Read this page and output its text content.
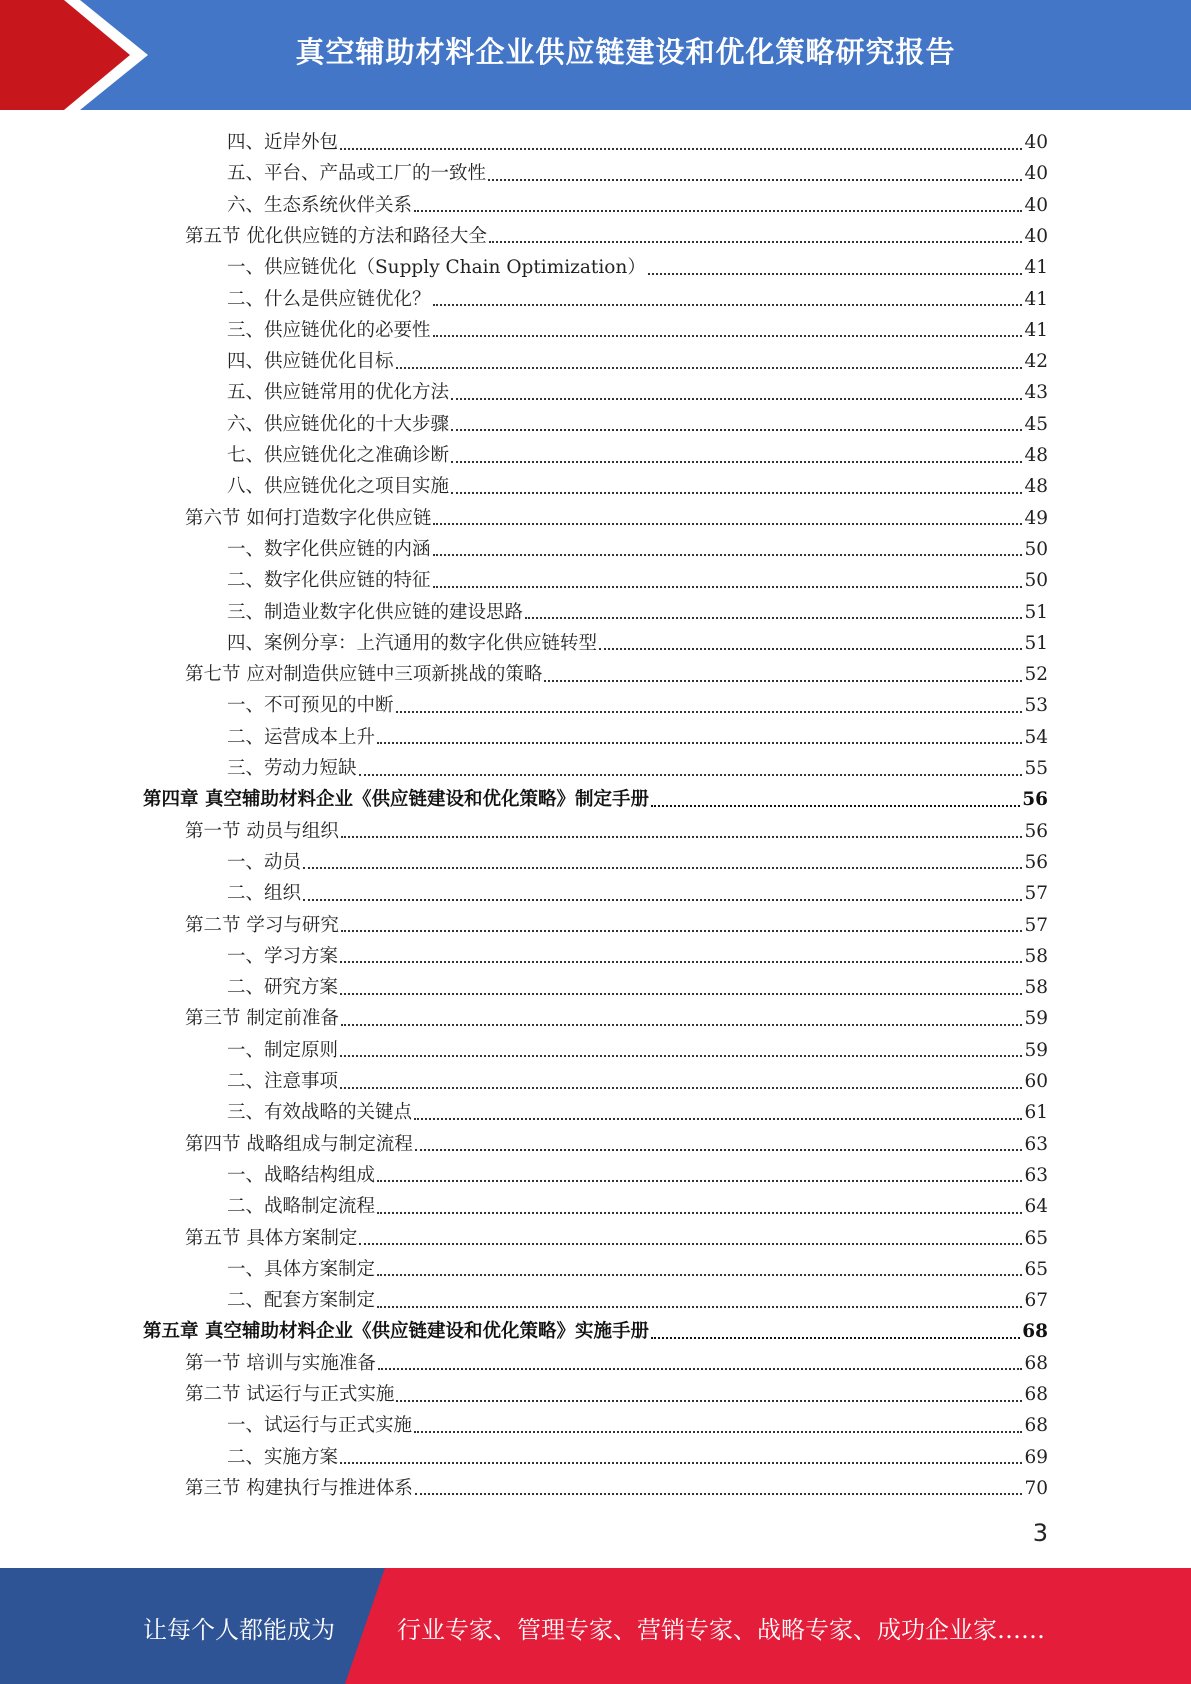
真空辅助材料企业供应链建设和优化策略研究报告
四、近岸外包	40
五、平台、产品或工厂的一致性	40
六、生态系统伙伴关系	40
第五节 优化供应链的方法和路径大全	40
一、供应链优化（Supply Chain Optimization）	41
二、什么是供应链优化？	41
三、供应链优化的必要性	41
四、供应链优化目标	42
五、供应链常用的优化方法	43
六、供应链优化的十大步骤	45
七、供应链优化之准确诊断	48
八、供应链优化之项目实施	48
第六节 如何打造数字化供应链	49
一、数字化供应链的内涵	50
二、数字化供应链的特征	50
三、制造业数字化供应链的建设思路	51
四、案例分享：上汽通用的数字化供应链转型	51
第七节 应对制造供应链中三项新挑战的策略	52
一、不可预见的中断	53
二、运营成本上升	54
三、劳动力短缺	55
第四章 真空辅助材料企业《供应链建设和优化策略》制定手册	56
第一节 动员与组织	56
一、动员	56
二、组织	57
第二节 学习与研究	57
一、学习方案	58
二、研究方案	58
第三节 制定前准备	59
一、制定原则	59
二、注意事项	60
三、有效战略的关键点	61
第四节 战略组成与制定流程	63
一、战略结构组成	63
二、战略制定流程	64
第五节 具体方案制定	65
一、具体方案制定	65
二、配套方案制定	67
第五章 真空辅助材料企业《供应链建设和优化策略》实施手册	68
第一节 培训与实施准备	68
第二节 试运行与正式实施	68
一、试运行与正式实施	68
二、实施方案	69
第三节 构建执行与推进体系	70
3
让每个人都能成为	行业专家、管理专家、营销专家、战略专家、成功企业家……
